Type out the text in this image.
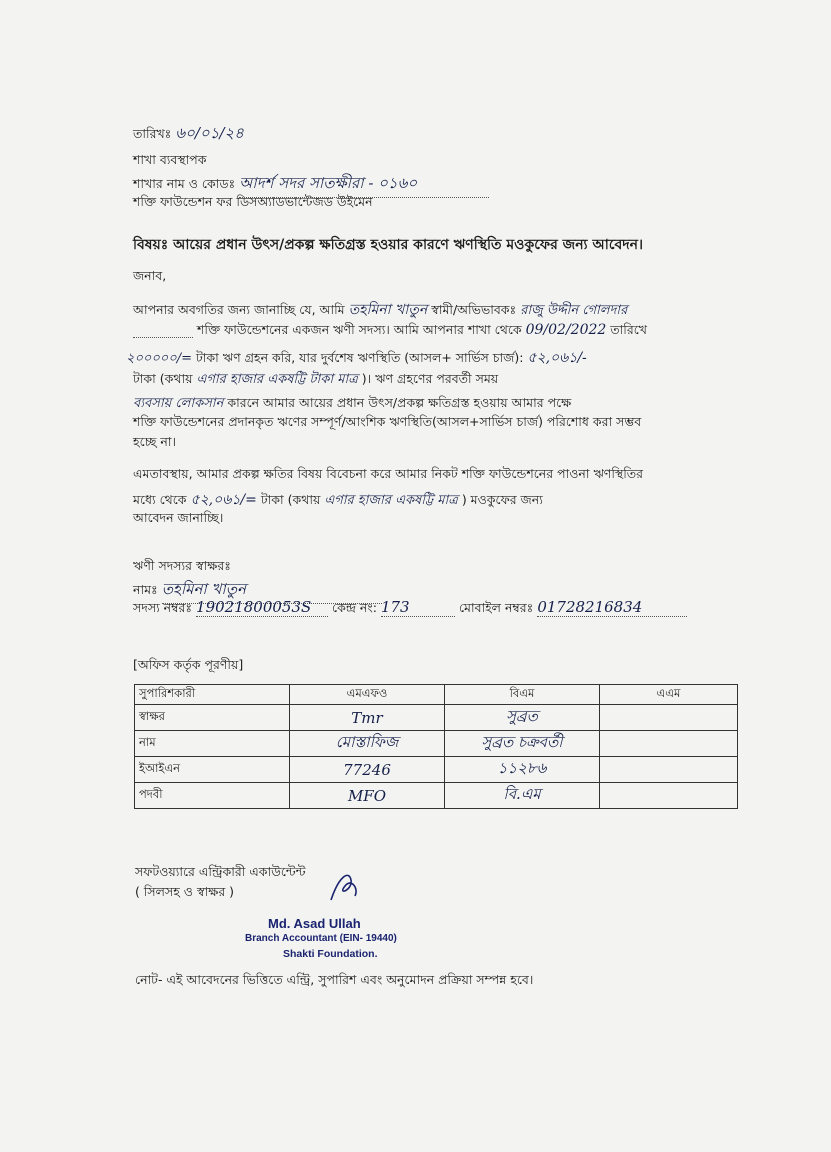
তারিখঃ ৬০/০১/২৪
শাখা ব্যবস্থাপক
শাখার নাম ও কোডঃ আদর্শ সদর সাতক্ষীরা - ০১৬০
শক্তি ফাউন্ডেশন ফর ডিসঅ্যাডভান্টেজড উইমেন
বিষয়ঃ আয়ের প্রধান উৎস/প্রকল্প ক্ষতিগ্রস্ত হওয়ার কারণে ঋণস্থিতি মওকুফের জন্য আবেদন।
জনাব,
আপনার অবগতির জন্য জানাচ্ছি যে, আমি তহমিনা খাতুন স্বামী/অভিভাবকঃ রাজু উদ্দীন গোলদার
শক্তি ফাউন্ডেশনের একজন ঋণী সদস্য। আমি আপনার শাখা থেকে 09/02/2022 তারিখে
২০০০০০/= টাকা ঋণ গ্রহন করি, যার দুর্বশেষ ঋণস্থিতি (আসল+ সার্ভিস চার্জ): ৫২,০৬১/-
টাকা (কথায় এগার হাজার একষট্টি টাকা মাত্র )। ঋণ গ্রহণের পরবর্তী সময়
ব্যবসায় লোকসান কারনে আমার আয়ের প্রধান উৎস/প্রকল্প ক্ষতিগ্রস্ত হওয়ায় আমার পক্ষে
শক্তি ফাউন্ডেশনের প্রদানকৃত ঋণের সম্পূর্ণ/আংশিক ঋণস্থিতি(আসল+সার্ভিস চার্জ) পরিশোধ করা সম্ভব
হচ্ছে না।
এমতাবস্থায়, আমার প্রকল্প ক্ষতির বিষয় বিবেচনা করে আমার নিকট শক্তি ফাউন্ডেশনের পাওনা ঋণস্থিতির
মধ্যে থেকে ৫২,০৬১/= টাকা (কথায় এগার হাজার একষট্টি মাত্র ) মওকুফের জন্য
আবেদন জানাচ্ছি।
ঋণী সদস্যর স্বাক্ষরঃ
নামঃ তহমিনা খাতুন
সদস্য নম্বরঃ 19021800053S কেন্দ্র নং: 173	মোবাইল নম্বরঃ 01728216834
[অফিস কর্তৃক পূরণীয়]
সুপারিশকারী	এমএফও	বিএম	এএম
স্বাক্ষর	Tmr	সুব্রত	
নাম	মোস্তাফিজ	সুব্রত চক্রবর্তী	
ইআইএন	77246	১১২৮৬	
পদবী	MFO	বি.এম	
সফটওয়্যারে এন্ট্রিকারী একাউন্টেন্ট
( সিলসহ ও স্বাক্ষর )
Md. Asad Ullah
Branch Accountant (EIN- 19440)
Shakti Foundation.
নোট- এই আবেদনের ভিত্তিতে এন্ট্রি, সুপারিশ এবং অনুমোদন প্রক্রিয়া সম্পন্ন হবে।
